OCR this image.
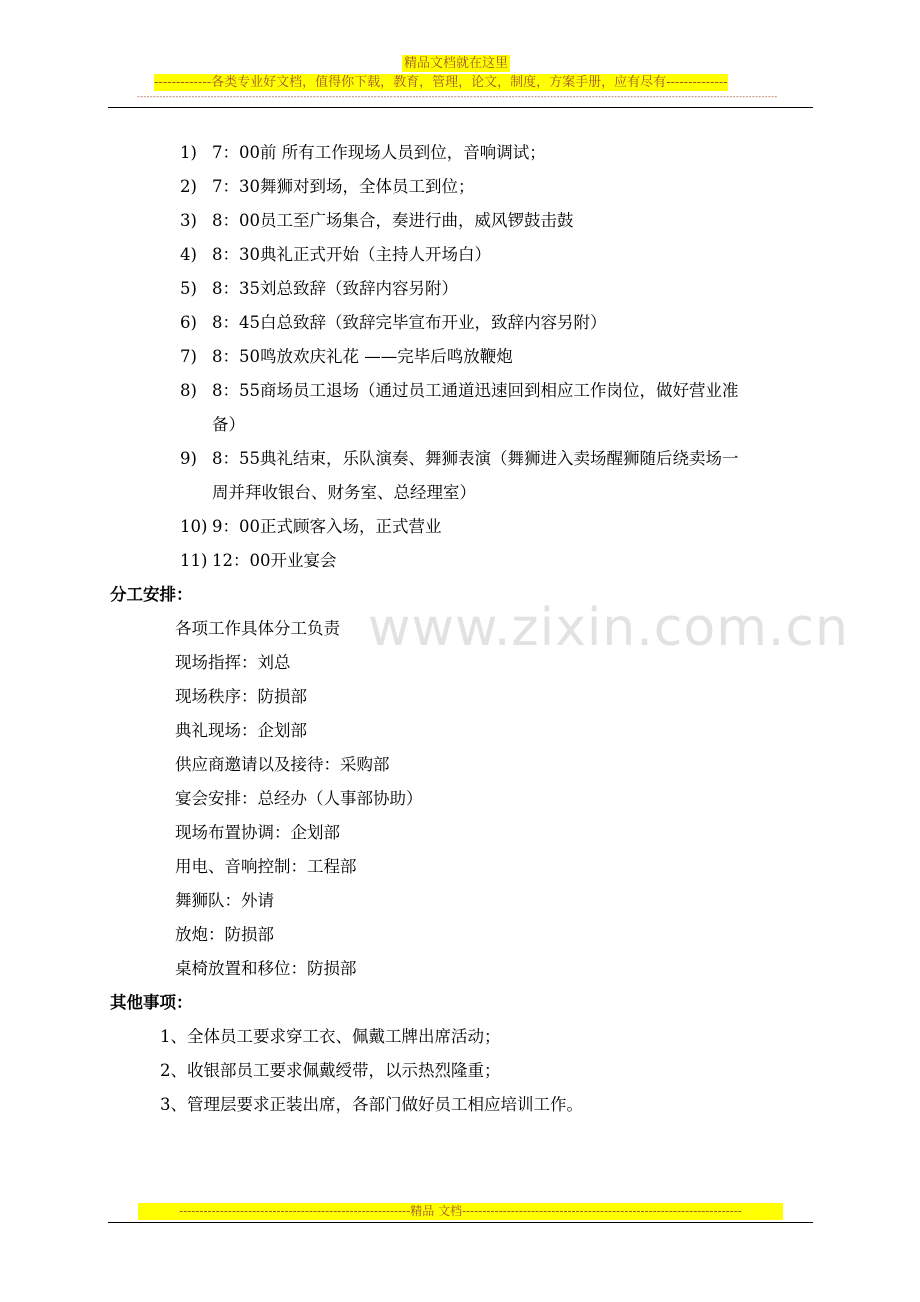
精品文档就在这里
-------------各类专业好文档，值得你下载，教育，管理，论文，制度，方案手册，应有尽有--------------
--------------------------------------------------------------------------------------------------------------------------------------------------------------------------------------------------------
www.zixin.com.cn
1) 7：00前 所有工作现场人员到位，音响调试；
2) 7：30舞狮对到场，全体员工到位；
3) 8：00员工至广场集合，奏进行曲，威风锣鼓击鼓
4) 8：30典礼正式开始（主持人开场白）
5) 8：35刘总致辞（致辞内容另附）
6) 8：45白总致辞（致辞完毕宣布开业，致辞内容另附）
7) 8：50鸣放欢庆礼花 ——完毕后鸣放鞭炮
8) 8：55商场员工退场（通过员工通道迅速回到相应工作岗位，做好营业准
备）
9) 8：55典礼结束，乐队演奏、舞狮表演（舞狮进入卖场醒狮随后绕卖场一
周并拜收银台、财务室、总经理室）
10) 9：00正式顾客入场，正式营业
11) 12：00开业宴会
分工安排：
各项工作具体分工负责
现场指挥：刘总
现场秩序：防损部
典礼现场：企划部
供应商邀请以及接待：采购部
宴会安排：总经办（人事部协助）
现场布置协调：企划部
用电、音响控制：工程部
舞狮队：外请
放炮：防损部
桌椅放置和移位：防损部
其他事项：
1、全体员工要求穿工衣、佩戴工牌出席活动；
2、收银部员工要求佩戴绶带，以示热烈隆重；
3、管理层要求正装出席，各部门做好员工相应培训工作。
---------------------------------------------------------精品 文档---------------------------------------------------------------------
